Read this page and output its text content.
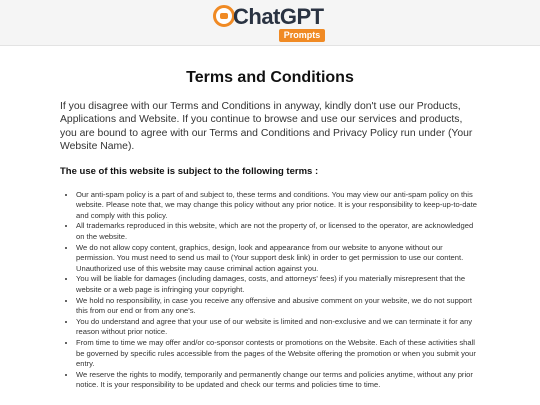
ChatGPT
Prompts
Terms and Conditions

If you disagree with our Terms and Conditions in anyway, kindly don't use our Products, Applications and Website. If you continue to browse and use our services and products, you are bound to agree with our Terms and Conditions and Privacy Policy run under (Your Website Name).

The use of this website is subject to the following terms :

• Our anti-spam policy is a part of and subject to, these terms and conditions. You may view our anti-spam policy on this website. Please note that, we may change this policy without any prior notice. It is your responsibility to keep-up-to-date and comply with this policy.
• All trademarks reproduced in this website, which are not the property of, or licensed to the operator, are acknowledged on the website.
• We do not allow copy content, graphics, design, look and appearance from our website to anyone without our permission. You must need to send us mail to (Your support desk link) in order to get permission to use our content. Unauthorized use of this website may cause criminal action against you.
• You will be liable for damages (including damages, costs, and attorneys' fees) if you materially misrepresent that the website or a web page is infringing your copyright.
• We hold no responsibility, in case you receive any offensive and abusive comment on your website, we do not support this from our end or from any one's.
• You do understand and agree that your use of our website is limited and non-exclusive and we can terminate it for any reason without prior notice.
• From time to time we may offer and/or co-sponsor contests or promotions on the Website. Each of these activities shall be governed by specific rules accessible from the pages of the Website offering the promotion or when you submit your entry.
• We reserve the rights to modify, temporarily and permanently change our terms and policies anytime, without any prior notice. It is your responsibility to be updated and check our terms and policies time to time.
